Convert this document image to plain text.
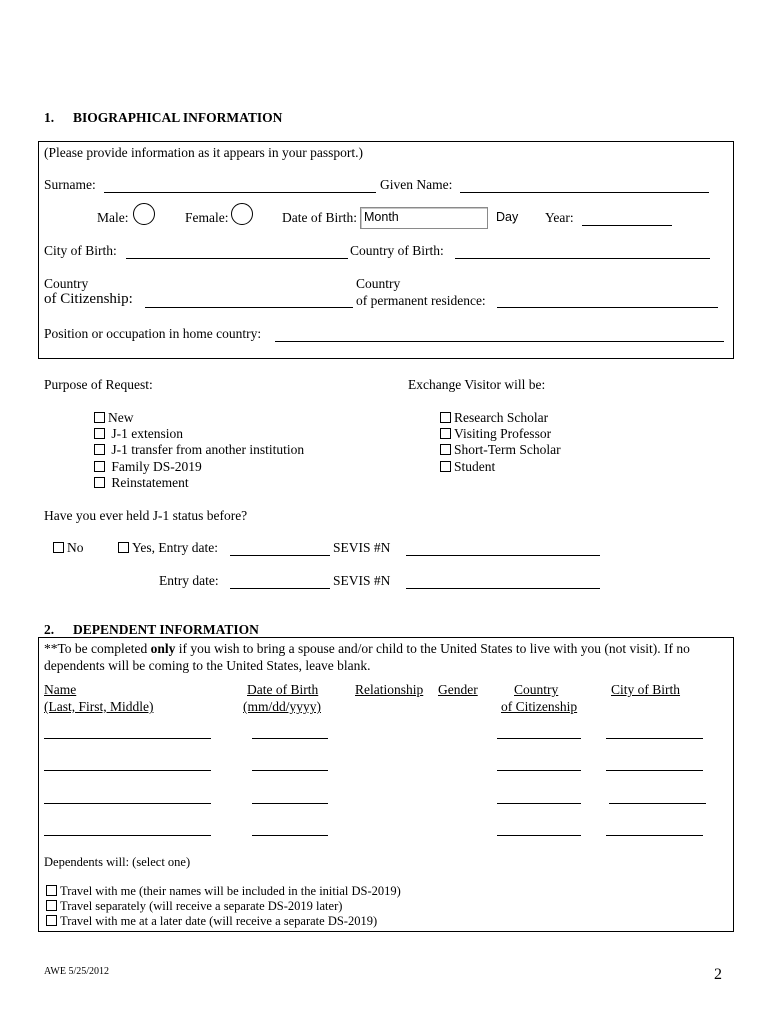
1. BIOGRAPHICAL INFORMATION
(Please provide information as it appears in your passport.)
Surname:	Given Name:
Male:	Female:	Date of Birth: Month	Day Year:
City of Birth:	Country of Birth:
Country
of Citizenship:
Country
of permanent residence:
Position or occupation in home country:
Purpose of Request:	Exchange Visitor will be:
New
J-1 extension
J-1 transfer from another institution
Family DS-2019
Reinstatement
Research Scholar
Visiting Professor
Short-Term Scholar
Student
Have you ever held J-1 status before?
No	Yes, Entry date:	SEVIS #N
Entry date:	SEVIS #N
2. DEPENDENT INFORMATION
**To be completed only if you wish to bring a spouse and/or child to the United States to live with you (not visit). If no
dependents will be coming to the United States, leave blank.
Name
(Last, First, Middle)
Date of Birth
(mm/dd/yyyy)
Relationship Gender	Country
of Citizenship
City of Birth
Dependents will: (select one)
Travel with me (their names will be included in the initial DS-2019)
Travel separately (will receive a separate DS-2019 later)
Travel with me at a later date (will receive a separate DS-2019)
AWE 5/25/2012	2
